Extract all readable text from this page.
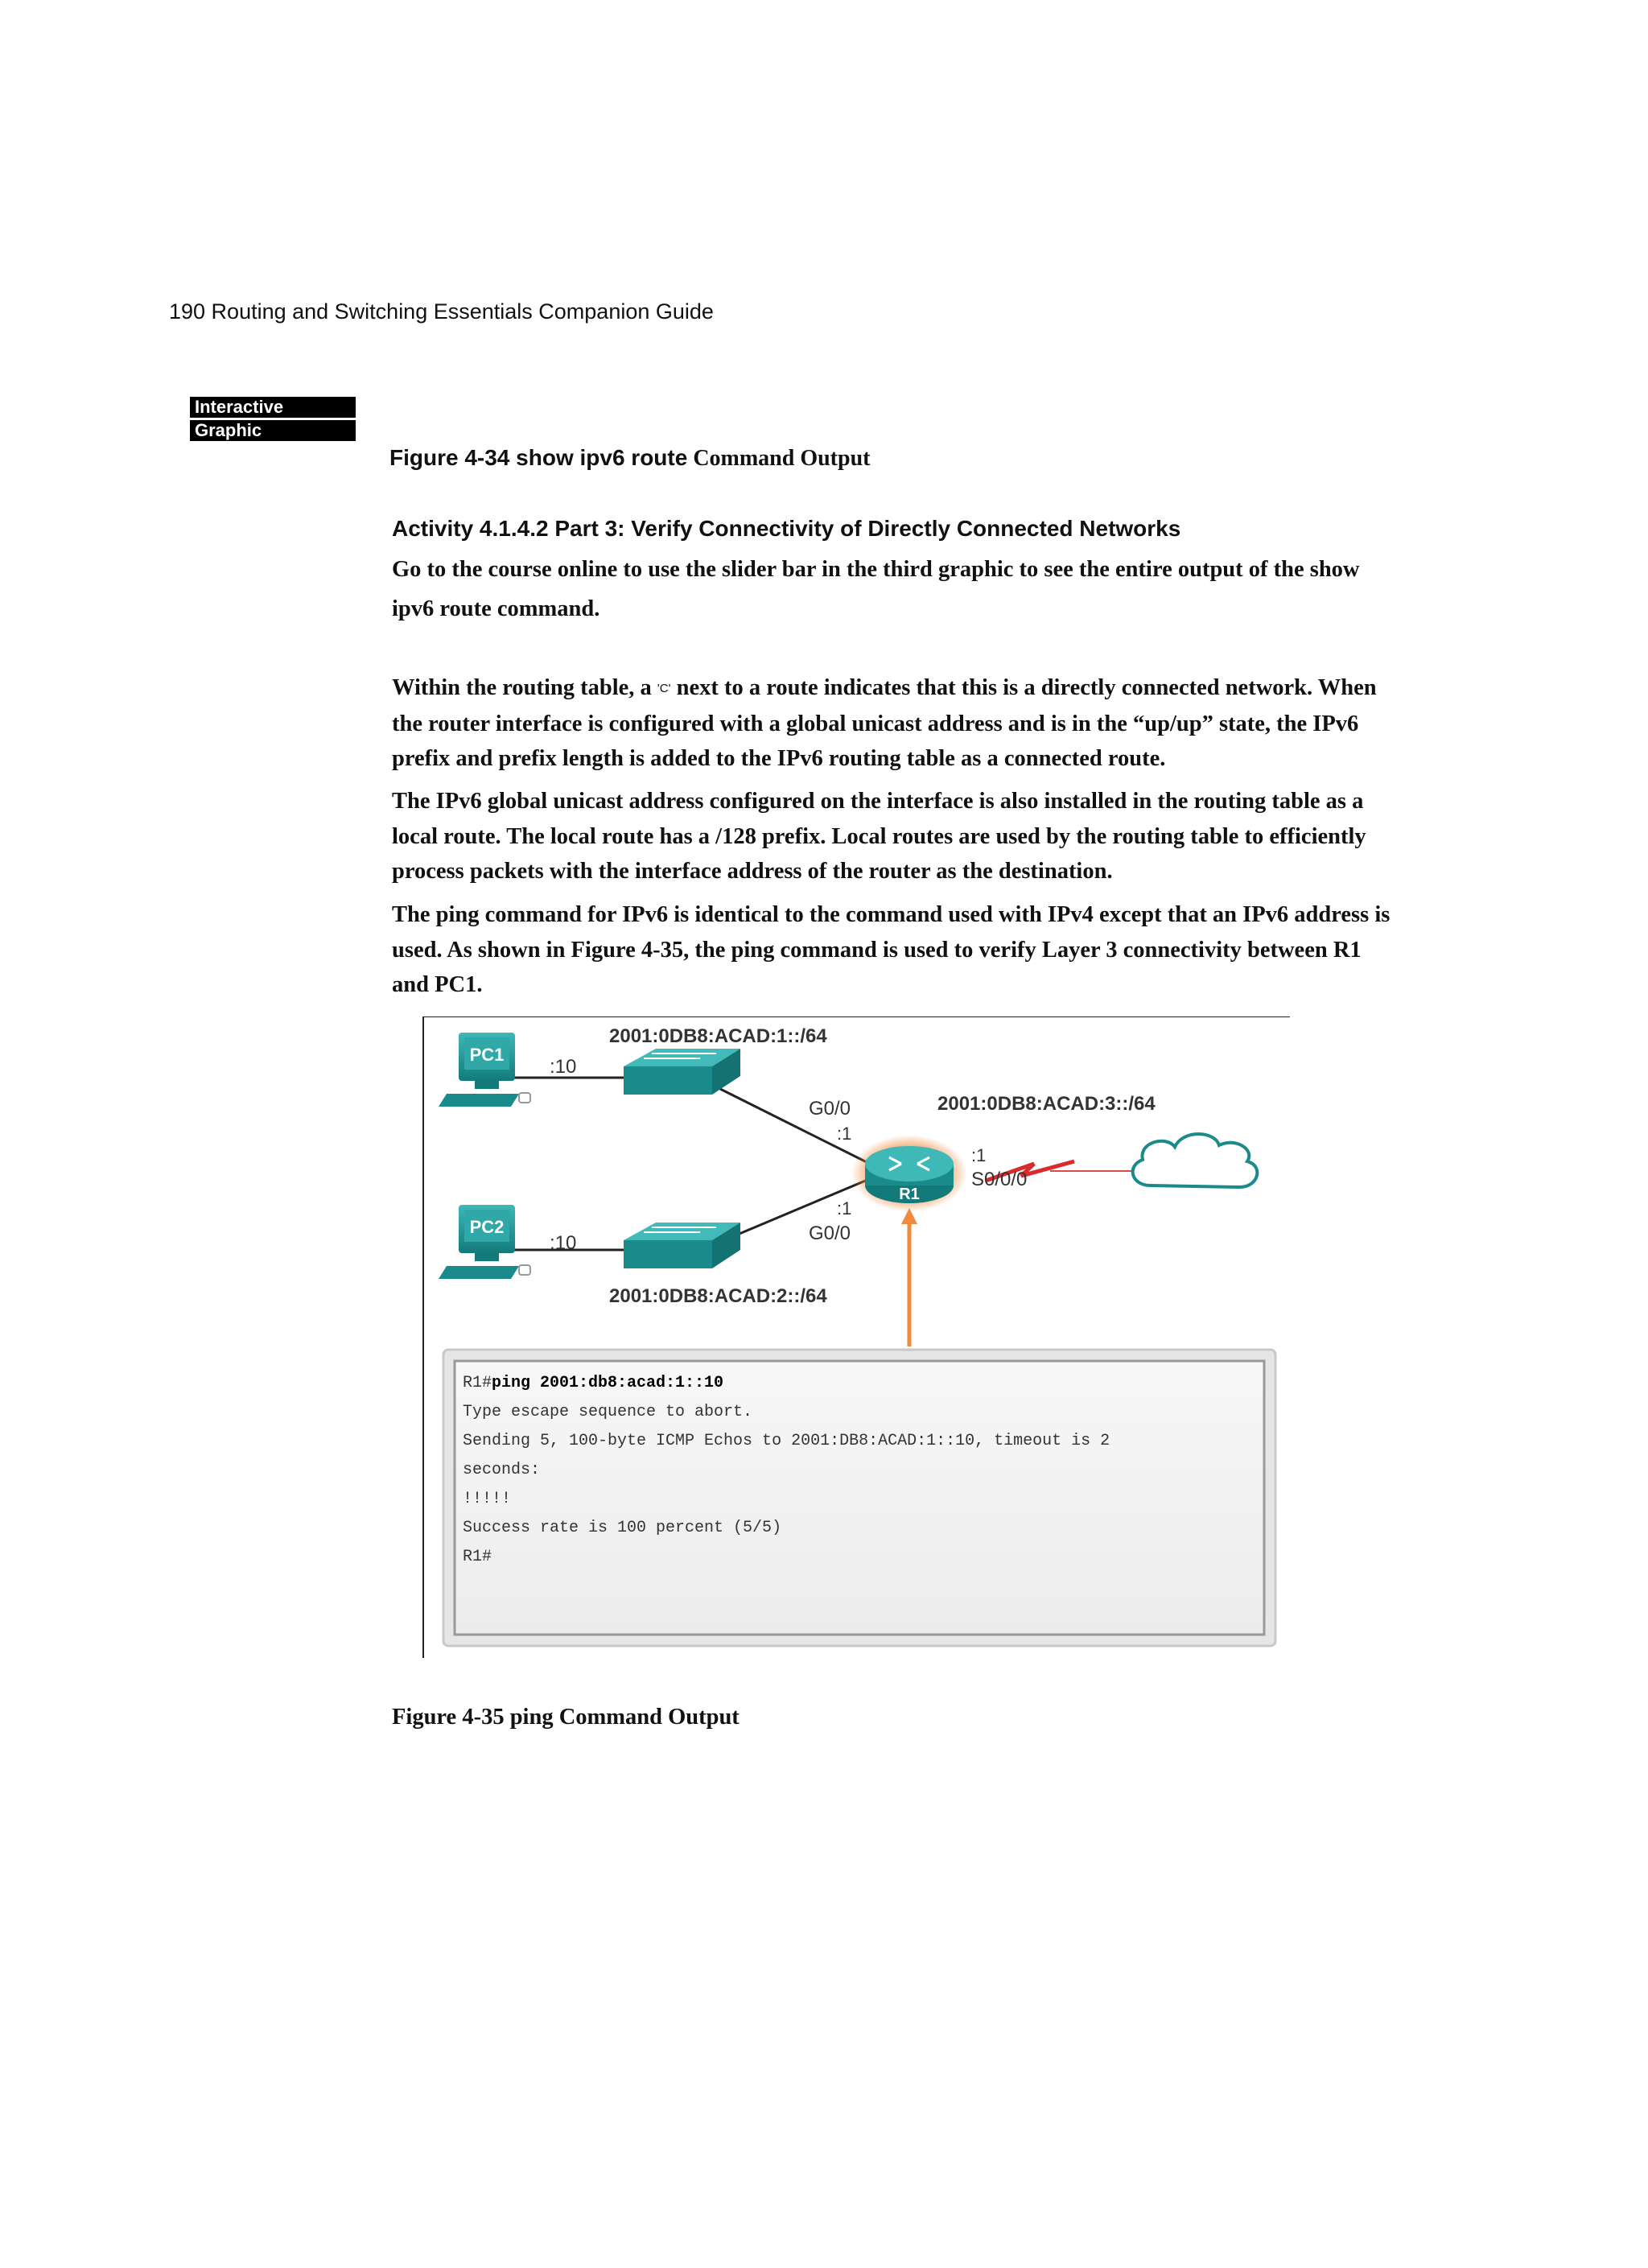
190 Routing and Switching Essentials Companion Guide
Interactive
Graphic
Figure 4-34 show ipv6 route Command Output
Activity 4.1.4.2 Part 3: Verify Connectivity of Directly Connected Networks

Go to the course online to use the slider bar in the third graphic to see the entire output of the show ipv6 route command.

Within the routing table, a 'C' next to a route indicates that this is a directly connected network. When the router interface is configured with a global unicast address and is in the “up/up” state, the IPv6 prefix and prefix length is added to the IPv6 routing table as a connected route.

The IPv6 global unicast address configured on the interface is also installed in the routing table as a local route. The local route has a /128 prefix. Local routes are used by the routing table to efficiently process packets with the interface address of the router as the destination.

The ping command for IPv6 is identical to the command used with IPv4 except that an IPv6 address is used. As shown in Figure 4-35, the ping command is used to verify Layer 3 connectivity between R1 and PC1.

PC1
:10
PC2
:10
R1
2001:0DB8:ACAD:1::/64
2001:0DB8:ACAD:2::/64
2001:0DB8:ACAD:3::/64
G0/0
:1
:1
G0/0
:1
S0/0/0
R1#ping 2001:db8:acad:1::10
Type escape sequence to abort.
Sending 5, 100-byte ICMP Echos to 2001:DB8:ACAD:1::10, timeout is 2
seconds:
!!!!!
Success rate is 100 percent (5/5)
R1#
Figure 4-35 ping Command Output
